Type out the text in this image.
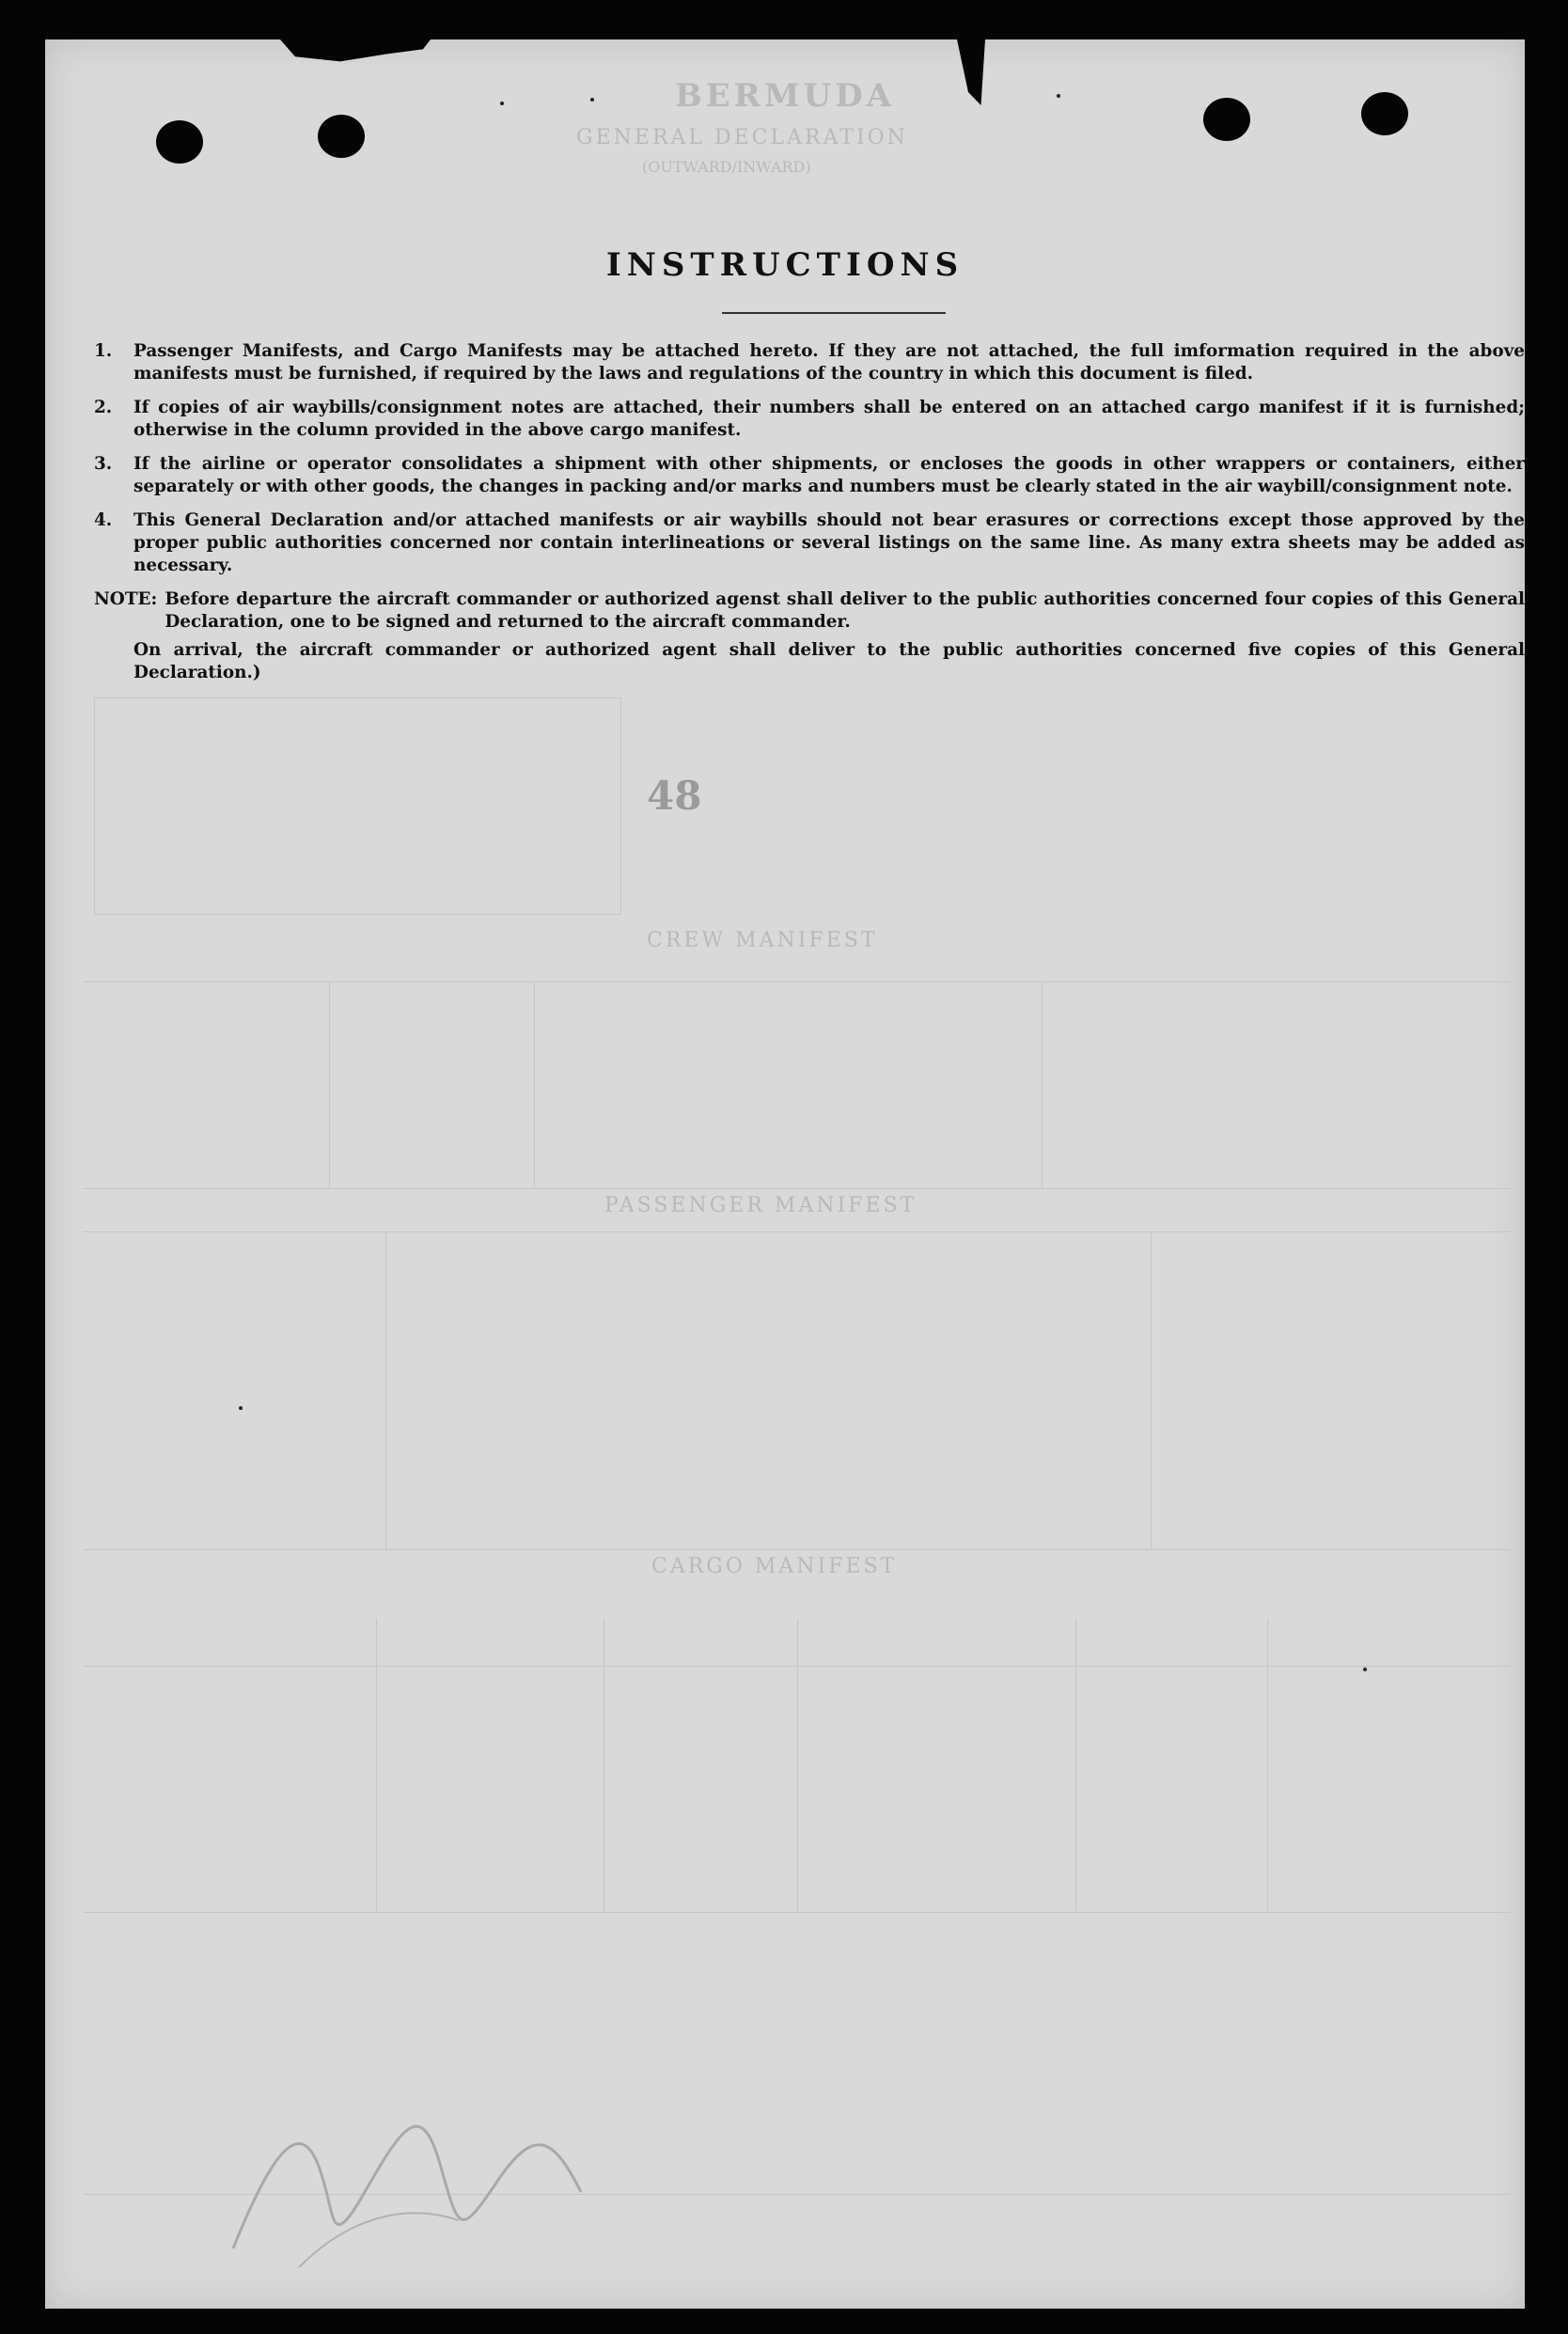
BERMUDA
GENERAL DECLARATION
(OUTWARD/INWARD)
CREW MANIFEST
PASSENGER MANIFEST
CARGO MANIFEST
48
INSTRUCTIONS
1.	Passenger Manifests, and Cargo Manifests may be attached hereto. If they are not attached, the full imformation required in the above manifests must be furnished, if required by the laws and regulations of the country in which this document is filed.
2.	If copies of air waybills/consignment notes are attached, their numbers shall be entered on an attached cargo manifest if it is furnished; otherwise in the column provided in the above cargo manifest.
3.	If the airline or operator consolidates a shipment with other shipments, or encloses the goods in other wrappers or containers, either separately or with other goods, the changes in packing and/or marks and numbers must be clearly stated in the air waybill/consignment note.
4.	This General Declaration and/or attached manifests or air waybills should not bear erasures or corrections except those approved by the proper public authorities concerned nor contain interlineations or several listings on the same line. As many extra sheets may be added as necessary.
NOTE: Before departure the aircraft commander or authorized agenst shall deliver to the public authorities concerned four copies of this General Declaration, one to be signed and returned to the aircraft commander.
On arrival, the aircraft commander or authorized agent shall deliver to the public authorities concerned five copies of this General Declaration.)
